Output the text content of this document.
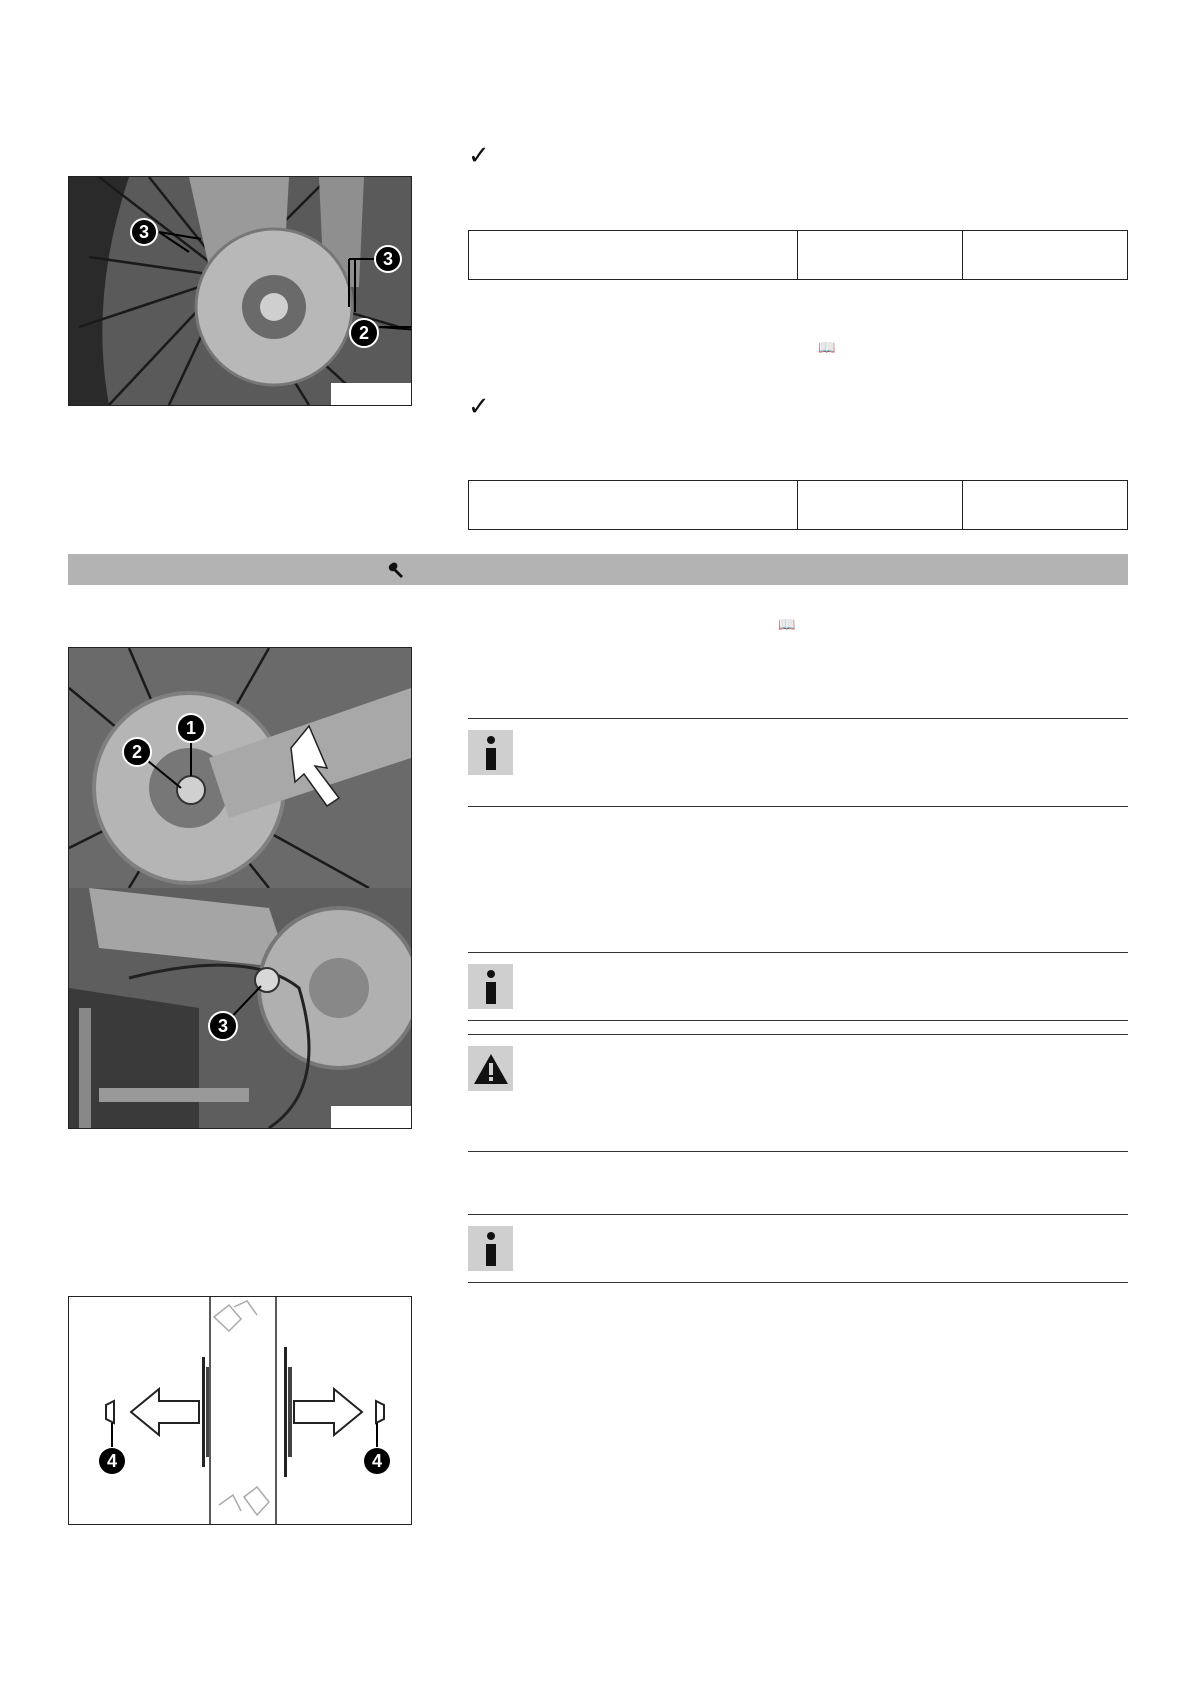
3
3
2
✓

📖
✓

📖
1
2
3
4	4
